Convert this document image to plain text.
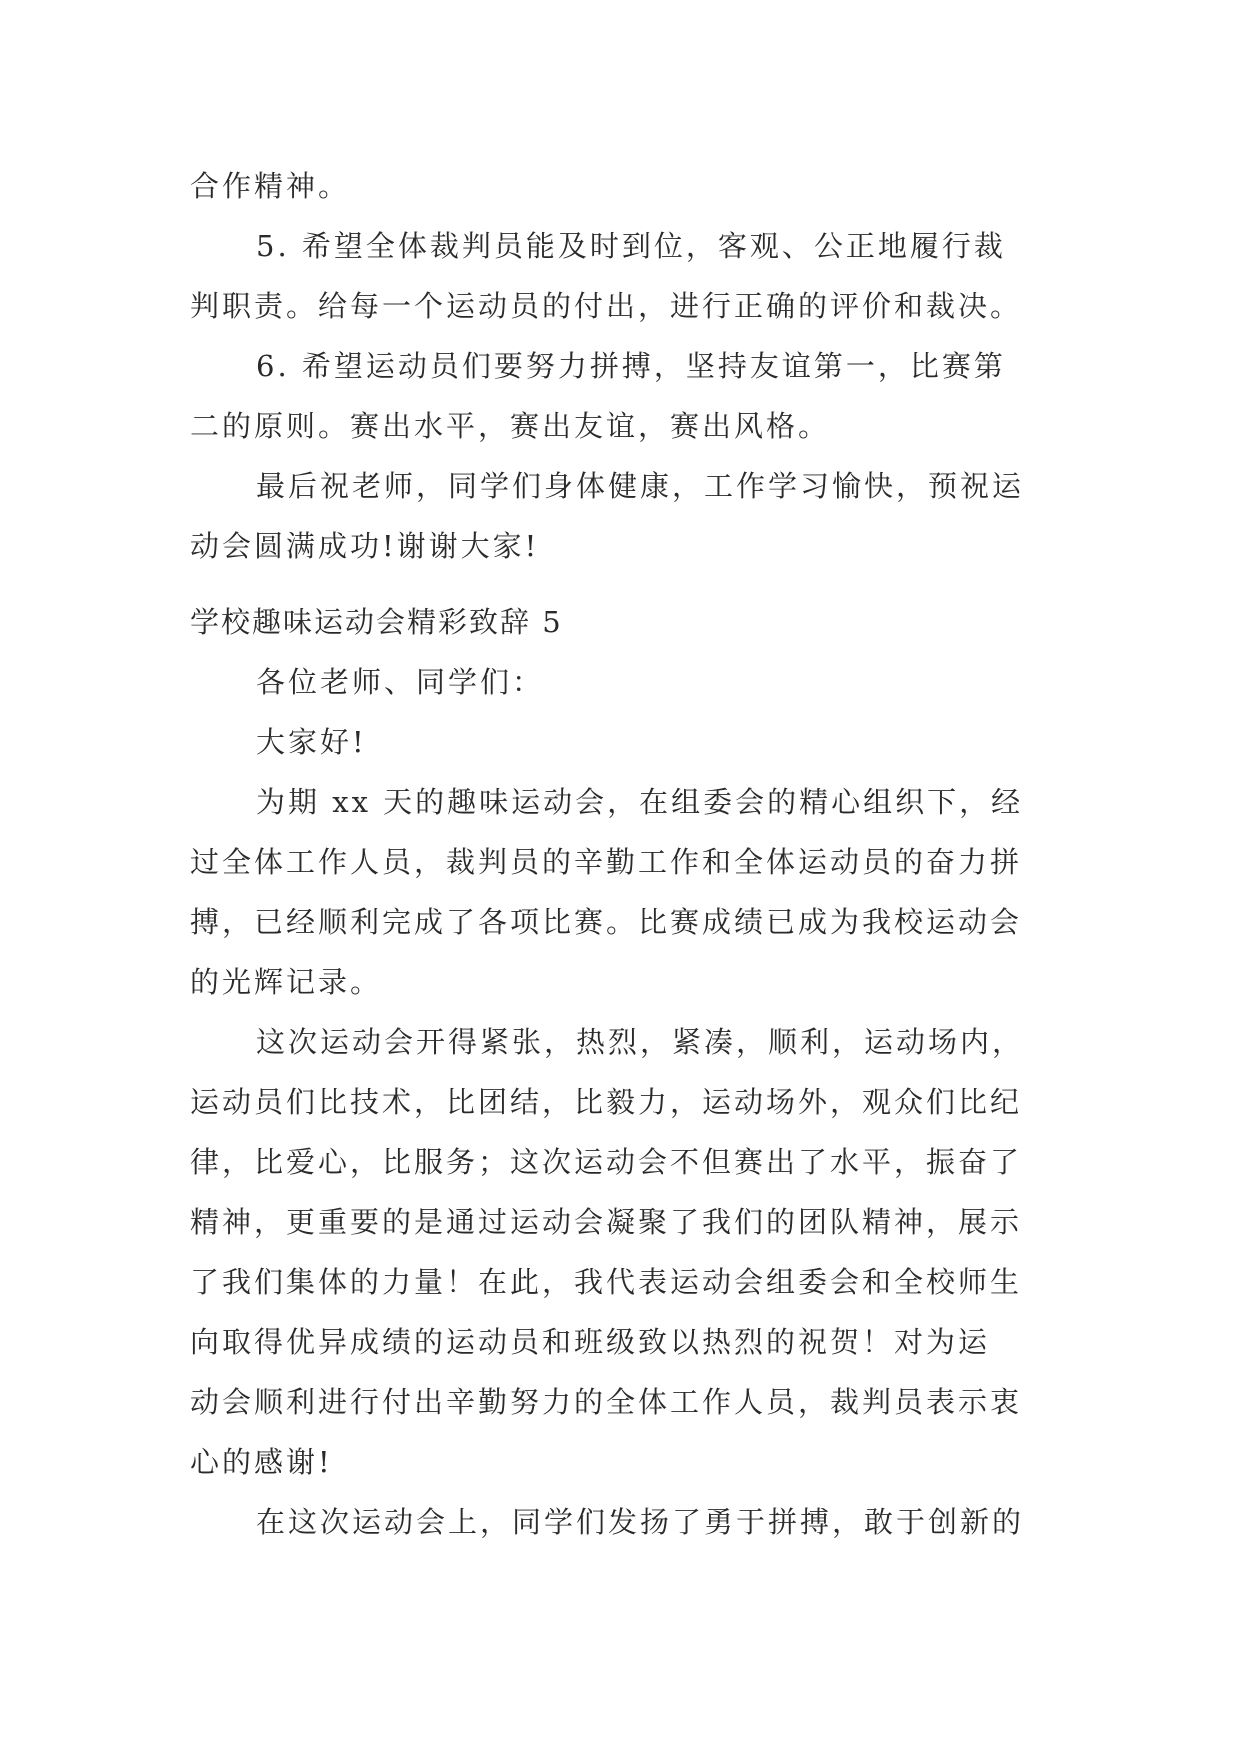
合作精神。
5. 希望全体裁判员能及时到位，客观、公正地履行裁
判职责。给每一个运动员的付出，进行正确的评价和裁决。
6. 希望运动员们要努力拼搏，坚持友谊第一，比赛第
二的原则。赛出水平，赛出友谊，赛出风格。
最后祝老师，同学们身体健康，工作学习愉快，预祝运
动会圆满成功!谢谢大家!
学校趣味运动会精彩致辞 5
各位老师、同学们：
大家好!
为期 xx 天的趣味运动会，在组委会的精心组织下，经
过全体工作人员，裁判员的辛勤工作和全体运动员的奋力拼
搏，已经顺利完成了各项比赛。比赛成绩已成为我校运动会
的光辉记录。
这次运动会开得紧张，热烈，紧凑，顺利，运动场内，
运动员们比技术，比团结，比毅力，运动场外，观众们比纪
律，比爱心，比服务；这次运动会不但赛出了水平，振奋了
精神，更重要的是通过运动会凝聚了我们的团队精神，展示
了我们集体的力量！在此，我代表运动会组委会和全校师生
向取得优异成绩的运动员和班级致以热烈的祝贺！对为运
动会顺利进行付出辛勤努力的全体工作人员，裁判员表示衷
心的感谢!
在这次运动会上，同学们发扬了勇于拼搏，敢于创新的
